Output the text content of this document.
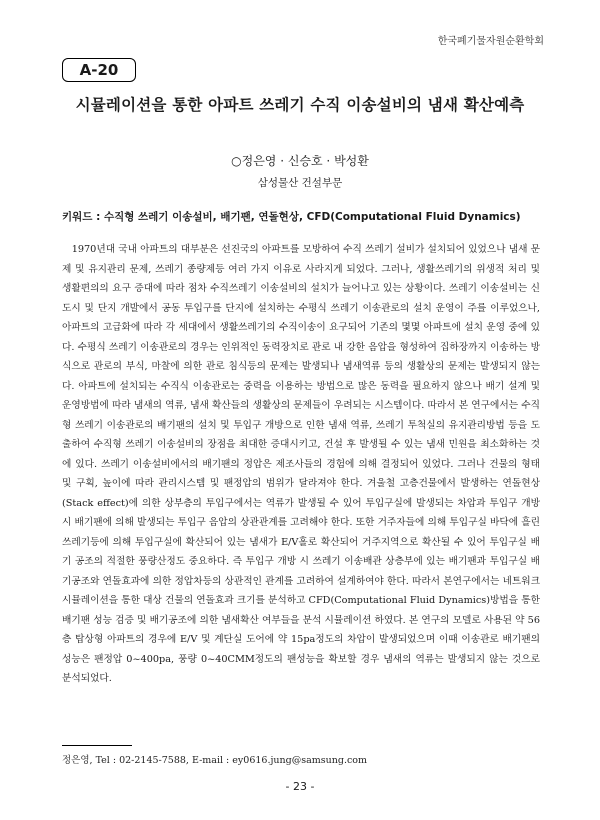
한국폐기물자원순환학회
A-20
시뮬레이션을 통한 아파트 쓰레기 수직 이송설비의 냄새 확산예측
○정은영 · 신승호 · 박성환
삼성물산 건설부문
키워드 : 수직형 쓰레기 이송설비, 배기팬, 연돌현상, CFD(Computational Fluid Dynamics)

1970년대 국내 아파트의 대부분은 선진국의 아파트를 모방하여 수직 쓰레기 설비가 설치되어 있었으나 냄새 문제 및 유지관리 문제, 쓰레기 종량제등 여러 가지 이유로 사라지게 되었다. 그러나, 생활쓰레기의 위생적 처리 및 생활편의의 요구 증대에 따라 점차 수직쓰레기 이송설비의 설치가 늘어나고 있는 상황이다. 쓰레기 이송설비는 신도시 및 단지 개발에서 공동 투입구를 단지에 설치하는 수평식 쓰레기 이송관로의 설치 운영이 주를 이루었으나, 아파트의 고급화에 따라 각 세대에서 생활쓰레기의 수직이송이 요구되어 기존의 몇몇 아파트에 설치 운영 중에 있다. 수평식 쓰레기 이송관로의 경우는 인위적인 동력장치로 관로 내 강한 음압을 형성하여 집하장까지 이송하는 방식으로 관로의 부식, 마찰에 의한 관로 침식등의 문제는 발생되나 냄새역류 등의 생활상의 문제는 발생되지 않는다. 아파트에 설치되는 수직식 이송관로는 중력을 이용하는 방법으로 많은 동력을 필요하지 않으나 배기 설계 및 운영방법에 따라 냄새의 역류, 냄새 확산들의 생활상의 문제들이 우려되는 시스템이다. 따라서 본 연구에서는 수직형 쓰레기 이송관로의 배기팬의 설치 및 투입구 개방으로 인한 냄새 역류, 쓰레기 투척실의 유지관리방법 등을 도출하여 수직형 쓰레기 이송설비의 장점을 최대한 증대시키고, 건설 후 발생될 수 있는 냄새 민원을 최소화하는 것에 있다. 쓰레기 이송설비에서의 배기팬의 정압은 제조사들의 경험에 의해 결정되어 있었다. 그러나 건물의 형태 및 구획, 높이에 따라 관리시스템 및 팬정압의 범위가 달라져야 한다. 겨울철 고층건물에서 발생하는 연돌현상(Stack effect)에 의한 상부층의 투입구에서는 역류가 발생될 수 있어 투입구실에 발생되는 차압과 투입구 개방 시 배기팬에 의해 발생되는 투입구 음압의 상관관계를 고려해야 한다. 또한 거주자들에 의해 투입구실 바닥에 흘린 쓰레기등에 의해 투입구실에 확산되어 있는 냄새가 E/V홀로 확산되어 거주지역으로 확산될 수 있어 투입구실 배기 공조의 적절한 풍량산정도 중요하다. 즉 투입구 개방 시 쓰레기 이송배관 상층부에 있는 배기팬과 투입구실 배기공조와 연돌효과에 의한 정압차등의 상관적인 관계를 고려하여 설계하여야 한다. 따라서 본연구에서는 네트워크 시뮬레이션을 통한 대상 건물의 연돌효과 크기를 분석하고 CFD(Computational Fluid Dynamics)방법을 통한 배기팬 성능 검증 및 배기공조에 의한 냄새확산 여부들을 분석 시뮬레이션 하였다. 본 연구의 모델로 사용된 약 56층 탑상형 아파트의 경우에 E/V 및 계단실 도어에 약 15pa정도의 차압이 발생되었으며 이때 이송관로 배기팬의 성능은 팬정압 0~400pa, 풍량 0~40CMM정도의 팬성능을 확보할 경우 냄새의 역류는 발생되지 않는 것으로 분석되었다.

정은영, Tel : 02-2145-7588, E-mail : ey0616.jung@samsung.com
- 23 -
